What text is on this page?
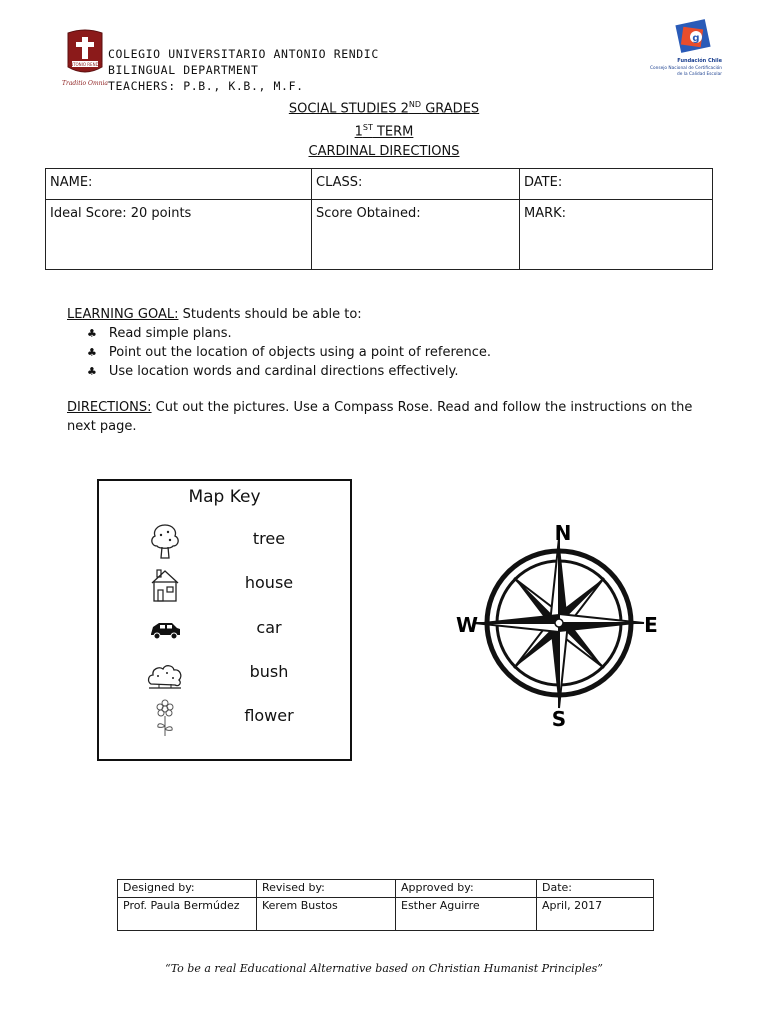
ANTONIO RENDIC
Traditio Omnia
COLEGIO UNIVERSITARIO ANTONIO RENDIC
BILINGUAL DEPARTMENT
TEACHERS: P.B., K.B., M.F.
g
Fundación Chile
Consejo Nacional de Certificación
de la Calidad Escolar
SOCIAL STUDIES 2ND GRADES
1ST TERM
CARDINAL DIRECTIONS
NAME:	CLASS:	DATE:
Ideal Score: 20 points	Score Obtained:	MARK:
LEARNING GOAL: Students should be able to:
♣ Read simple plans.
♣ Point out the location of objects using a point of reference.
♣ Use location words and cardinal directions effectively.
DIRECTIONS: Cut out the pictures. Use a Compass Rose. Read and follow the instructions on the next page.
Map Key
tree
house
car
bush
flower
N
S
E
W
Designed by:	Revised by:	Approved by:	Date:
Prof. Paula Bermúdez	Kerem Bustos	Esther Aguirre	April, 2017
“To be a real Educational Alternative based on Christian Humanist Principles”
